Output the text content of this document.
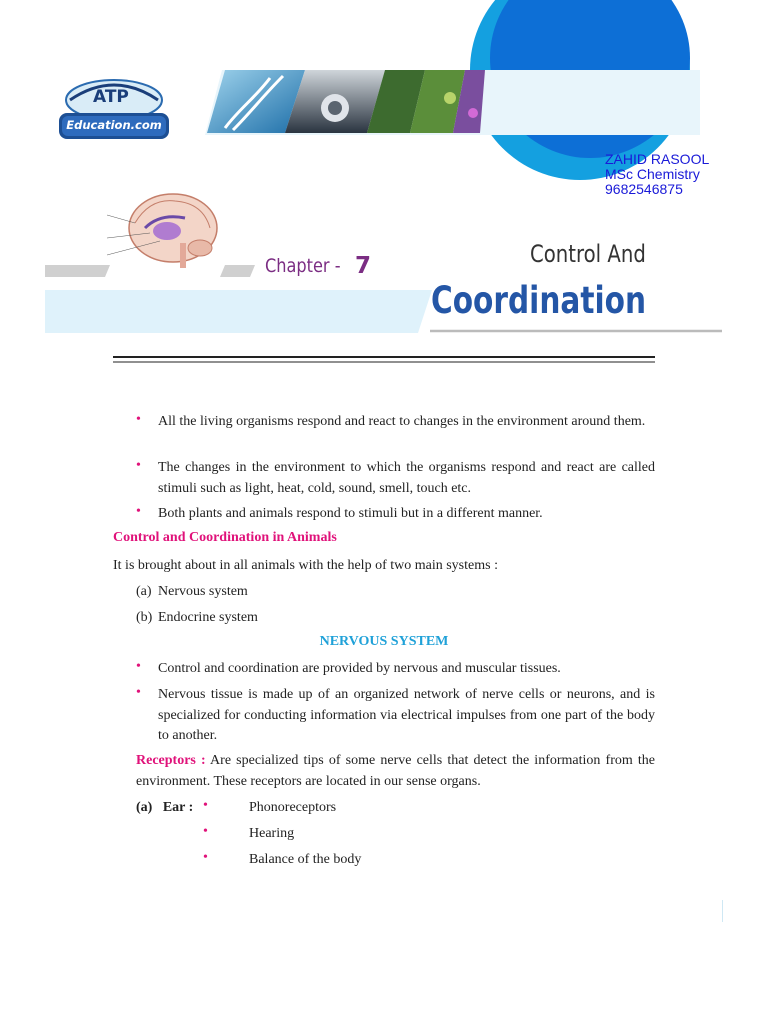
ATP
Education.com
ZAHID RASOOL
MSc Chemistry
9682546875
Chapter - 7	Control And
Coordination
• All the living organisms respond and react to changes in the environment around them.
• The changes in the environment to which the organisms respond and react are called stimuli such as light, heat, cold, sound, smell, touch etc.
• Both plants and animals respond to stimuli but in a different manner.
Control and Coordination in Animals
It is brought about in all animals with the help of two main systems :
(a) Nervous system
(b) Endocrine system
NERVOUS SYSTEM
• Control and coordination are provided by nervous and muscular tissues.
• Nervous tissue is made up of an organized network of nerve cells or neurons, and is specialized for conducting information via electrical impulses from one part of the body to another.
Receptors : Are specialized tips of some nerve cells that detect the information from the environment. These receptors are located in our sense organs.
(a)   Ear : •	Phonoreceptors
•	Hearing
•	Balance of the body
